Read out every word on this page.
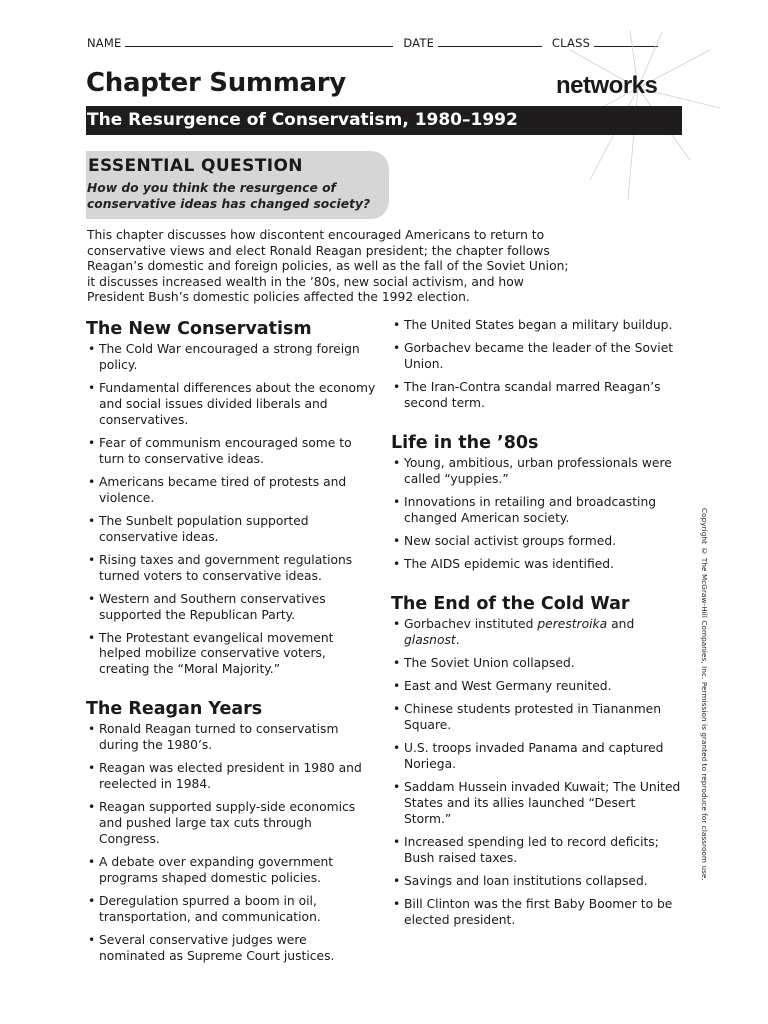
NAME	DATE	CLASS
Chapter Summary	networks
The Resurgence of Conservatism, 1980–1992
ESSENTIAL QUESTION
How do you think the resurgence of conservative ideas has changed society?

This chapter discusses how discontent encouraged Americans to return to conservative views and elect Ronald Reagan president; the chapter follows Reagan’s domestic and foreign policies, as well as the fall of the Soviet Union; it discusses increased wealth in the ’80s, new social activism, and how President Bush’s domestic policies affected the 1992 election.

The New Conservatism
• The Cold War encouraged a strong foreign policy.
• Fundamental differences about the economy and social issues divided liberals and conservatives.
• Fear of communism encouraged some to turn to conservative ideas.
• Americans became tired of protests and violence.
• The Sunbelt population supported conservative ideas.
• Rising taxes and government regulations turned voters to conservative ideas.
• Western and Southern conservatives supported the Republican Party.
• The Protestant evangelical movement helped mobilize conservative voters, creating the “Moral Majority.”
The Reagan Years
• Ronald Reagan turned to conservatism during the 1980’s.
• Reagan was elected president in 1980 and reelected in 1984.
• Reagan supported supply-side economics and pushed large tax cuts through Congress.
• A debate over expanding government programs shaped domestic policies.
• Deregulation spurred a boom in oil, transportation, and communication.
• Several conservative judges were nominated as Supreme Court justices.
• The United States began a military buildup.
• Gorbachev became the leader of the Soviet Union.
• The Iran-Contra scandal marred Reagan’s second term.
Life in the ’80s
• Young, ambitious, urban professionals were called “yuppies.”
• Innovations in retailing and broadcasting changed American society.
• New social activist groups formed.
• The AIDS epidemic was identified.
The End of the Cold War
• Gorbachev instituted perestroika and glasnost.
• The Soviet Union collapsed.
• East and West Germany reunited.
• Chinese students protested in Tiananmen Square.
• U.S. troops invaded Panama and captured Noriega.
• Saddam Hussein invaded Kuwait; The United States and its allies launched “Desert Storm.”
• Increased spending led to record deficits; Bush raised taxes.
• Savings and loan institutions collapsed.
• Bill Clinton was the first Baby Boomer to be elected president.
Copyright © The McGraw-Hill Companies, Inc. Permission is granted to reproduce for classroom use.
